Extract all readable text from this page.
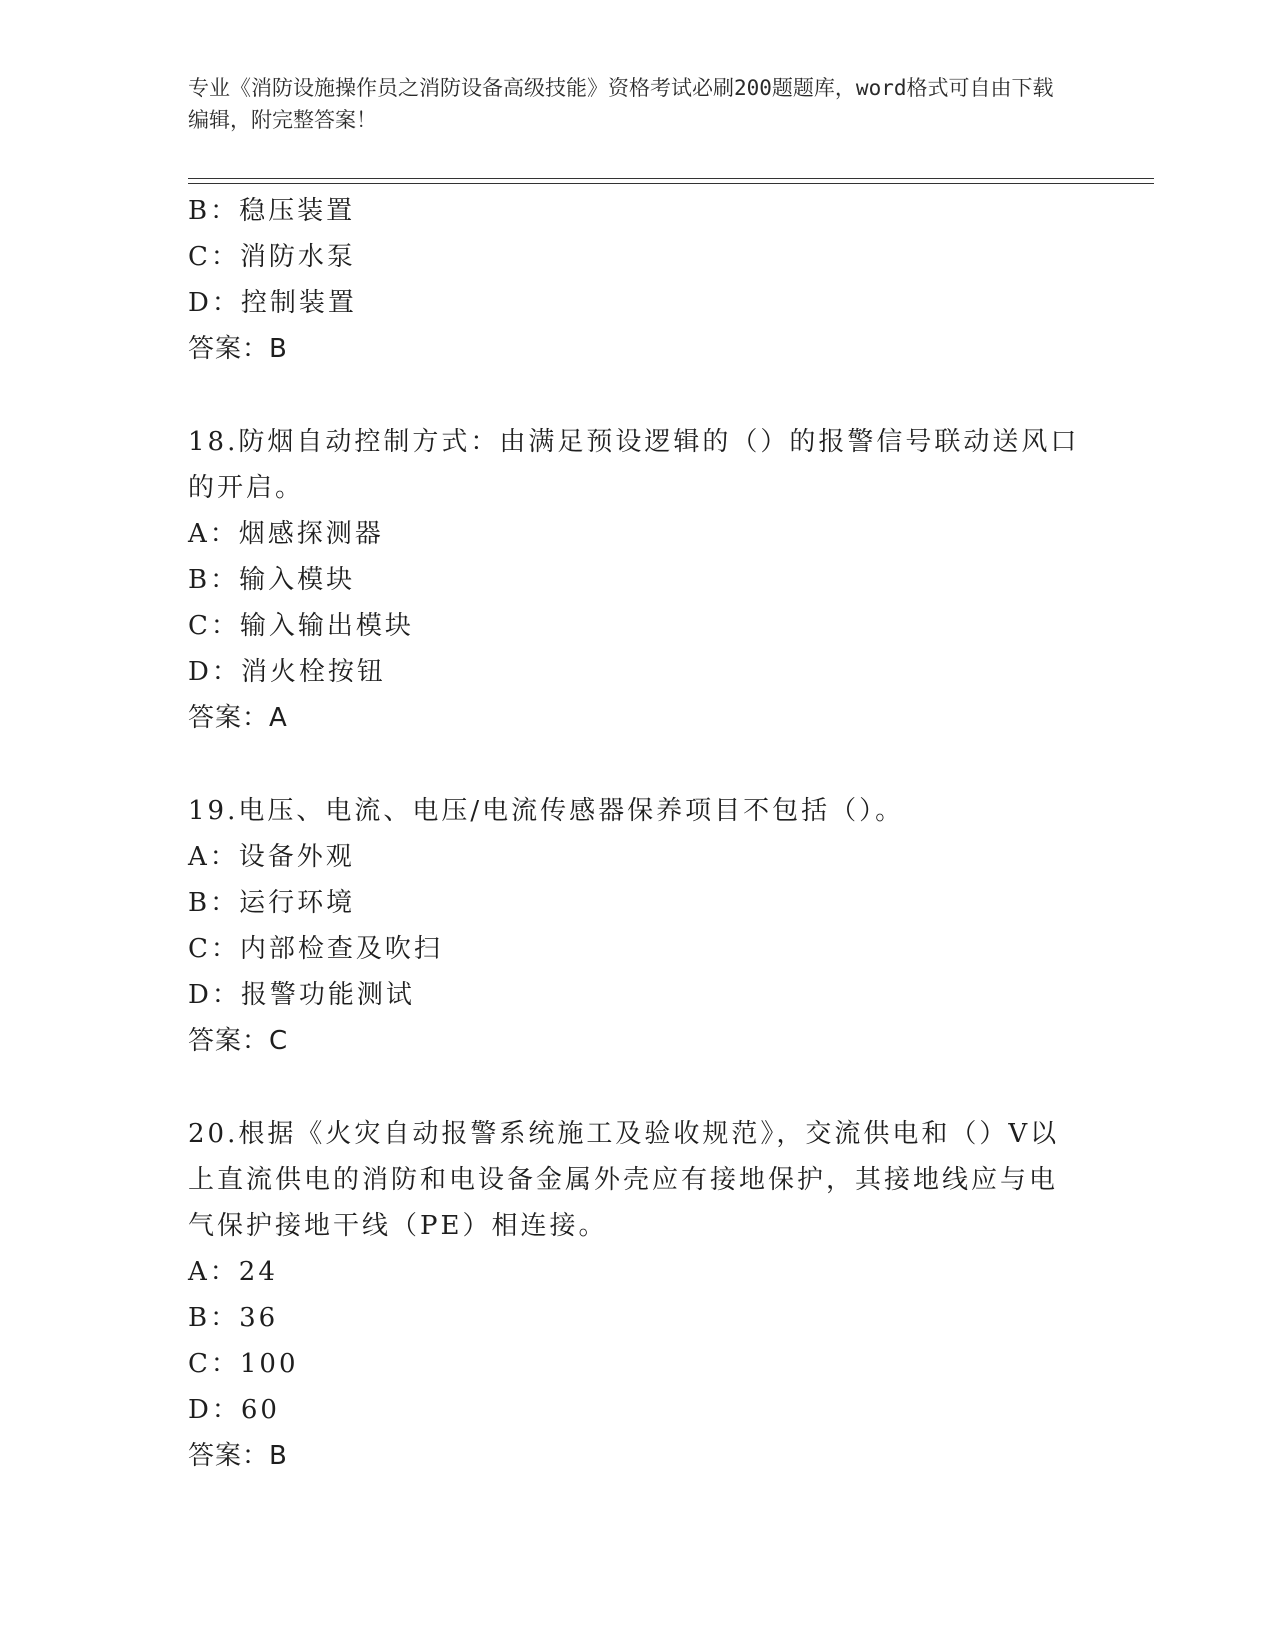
专业《消防设施操作员之消防设备高级技能》资格考试必刷200题题库，word格式可自由下载编辑，附完整答案！
B：稳压装置
C：消防水泵
D：控制装置
答案：B
18.防烟自动控制方式：由满足预设逻辑的（）的报警信号联动送风口
的开启。
A：烟感探测器
B：输入模块
C：输入输出模块
D：消火栓按钮
答案：A
19.电压、电流、电压/电流传感器保养项目不包括（）。
A：设备外观
B：运行环境
C：内部检查及吹扫
D：报警功能测试
答案：C
20.根据《火灾自动报警系统施工及验收规范》，交流供电和（）V以
上直流供电的消防和电设备金属外壳应有接地保护，其接地线应与电
气保护接地干线（PE）相连接。
A：24
B：36
C：100
D：60
答案：B
